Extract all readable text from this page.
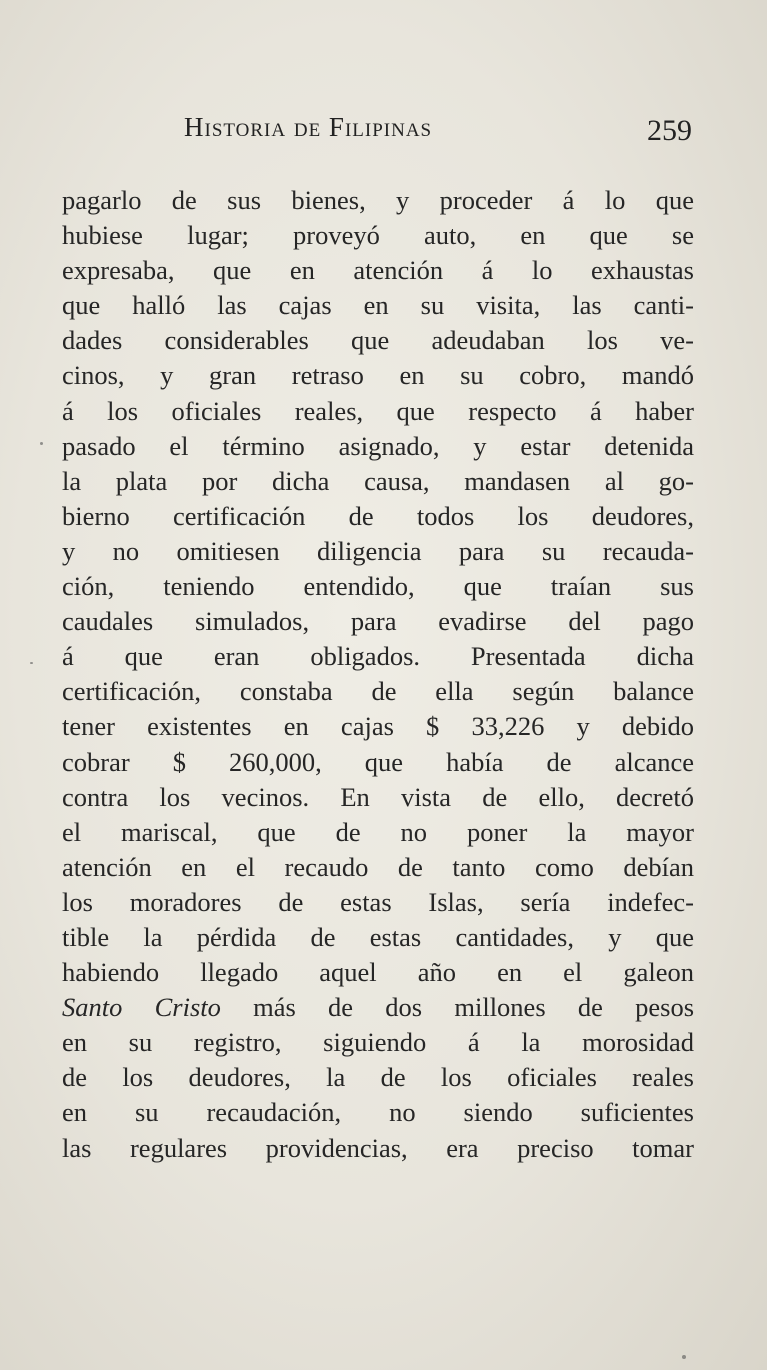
Historia de Filipinas	259
pagarlo de sus bienes, y proceder á lo que
hubiese lugar; proveyó auto, en que se
expresaba, que en atención á lo exhaustas
que halló las cajas en su visita, las canti-
dades considerables que adeudaban los ve-
cinos, y gran retraso en su cobro, mandó
á los oficiales reales, que respecto á haber
pasado el término asignado, y estar detenida
la plata por dicha causa, mandasen al go-
bierno certificación de todos los deudores,
y no omitiesen diligencia para su recauda-
ción, teniendo entendido, que traían sus
caudales simulados, para evadirse del pago
á que eran obligados. Presentada dicha
certificación, constaba de ella según balance
tener existentes en cajas $ 33,226 y debido
cobrar $ 260,000, que había de alcance
contra los vecinos. En vista de ello, decretó
el mariscal, que de no poner la mayor
atención en el recaudo de tanto como debían
los moradores de estas Islas, sería indefec-
tible la pérdida de estas cantidades, y que
habiendo llegado aquel año en el galeon
Santo Cristo más de dos millones de pesos
en su registro, siguiendo á la morosidad
de los deudores, la de los oficiales reales
en su recaudación, no siendo suficientes
las regulares providencias, era preciso tomar
